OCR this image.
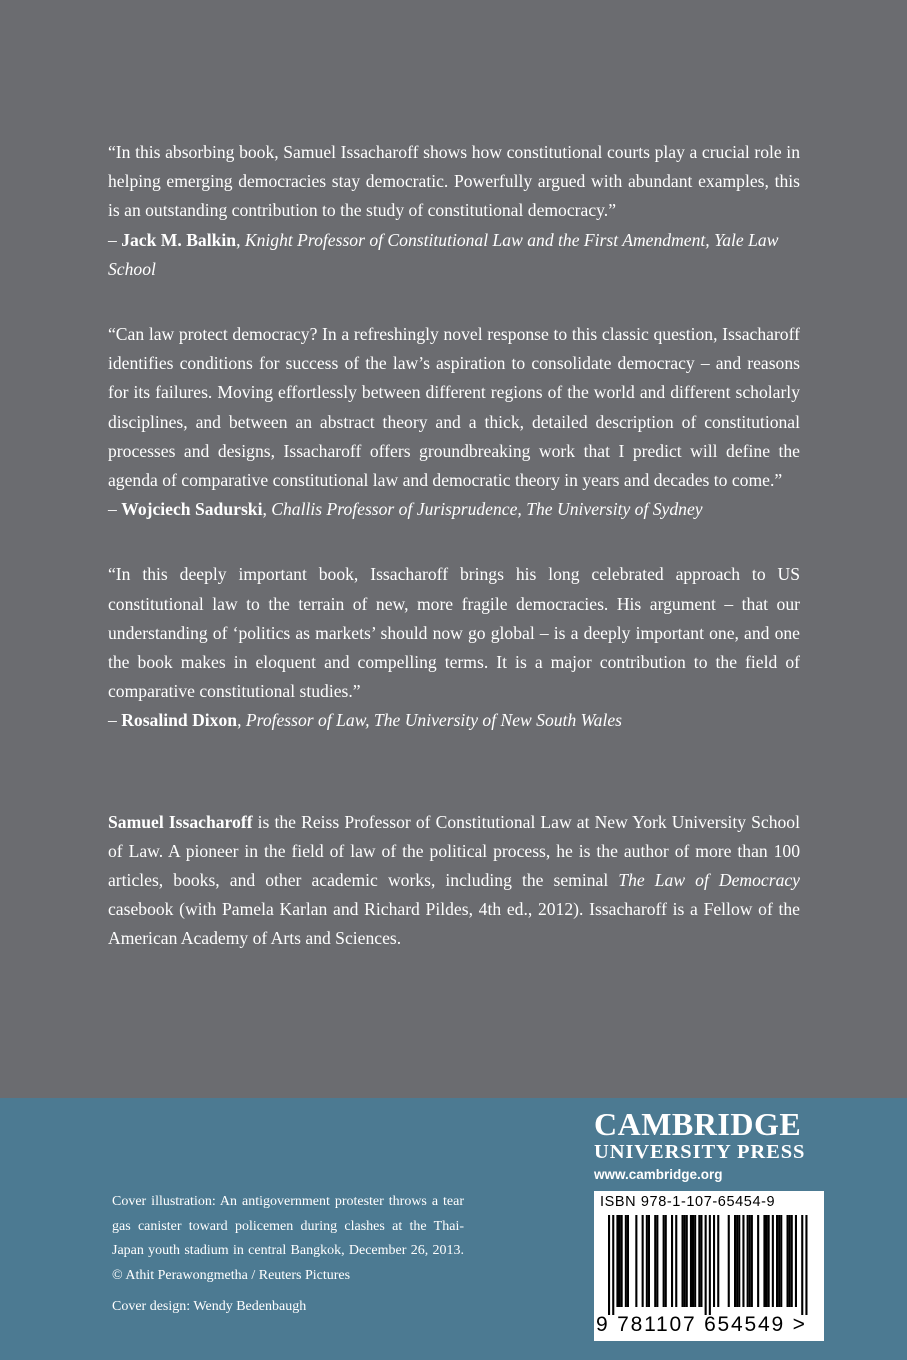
“In this absorbing book, Samuel Issacharoff shows how constitutional courts play a crucial role in helping emerging democracies stay democratic. Powerfully argued with abundant examples, this is an outstanding contribution to the study of constitutional democracy.”

– Jack M. Balkin, Knight Professor of Constitutional Law and the First Amendment, Yale Law School

“Can law protect democracy? In a refreshingly novel response to this classic question, Issacharoff identifies conditions for success of the law’s aspiration to consolidate democracy – and reasons for its failures. Moving effortlessly between different regions of the world and different scholarly disciplines, and between an abstract theory and a thick, detailed description of constitutional processes and designs, Issacharoff offers groundbreaking work that I predict will define the agenda of comparative constitutional law and democratic theory in years and decades to come.”

– Wojciech Sadurski, Challis Professor of Jurisprudence, The University of Sydney

“In this deeply important book, Issacharoff brings his long celebrated approach to US constitutional law to the terrain of new, more fragile democracies. His argument – that our understanding of ‘politics as markets’ should now go global – is a deeply important one, and one the book makes in eloquent and compelling terms. It is a major contribution to the field of comparative constitutional studies.”

– Rosalind Dixon, Professor of Law, The University of New South Wales

Samuel Issacharoff is the Reiss Professor of Constitutional Law at New York University School of Law. A pioneer in the field of law of the political process, he is the author of more than 100 articles, books, and other academic works, including the seminal The Law of Democracy casebook (with Pamela Karlan and Richard Pildes, 4th ed., 2012). Issacharoff is a Fellow of the American Academy of Arts and Sciences.

Cover illustration: An antigovernment protester throws a tear gas canister toward policemen during clashes at the Thai-Japan youth stadium in central Bangkok, December 26, 2013. © Athit Perawongmetha / Reuters Pictures
Cover design: Wendy Bedenbaugh

CAMBRIDGE

UNIVERSITY PRESS

www.cambridge.org
ISBN 978-1-107-65454-9
9 781107 654549 >
